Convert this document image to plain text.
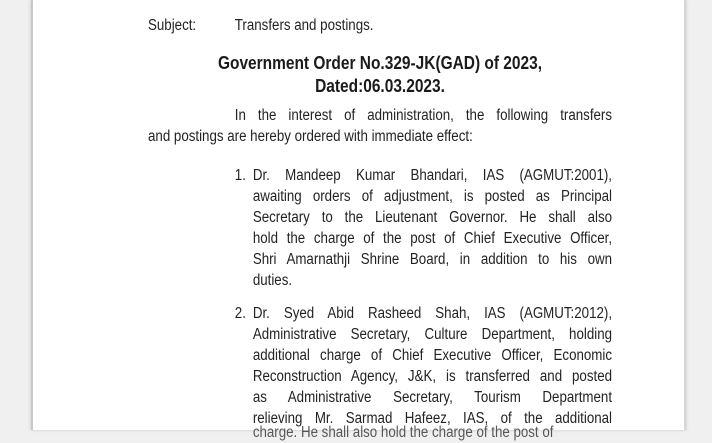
Subject:	Transfers and postings.
Government Order No.329-JK(GAD) of 2023,
Dated:06.03.2023.
In the interest of administration, the following transfers
and postings are hereby ordered with immediate effect:
1. Dr. Mandeep Kumar Bhandari, IAS (AGMUT:2001),
awaiting orders of adjustment, is posted as Principal
Secretary to the Lieutenant Governor. He shall also
hold the charge of the post of Chief Executive Officer,
Shri Amarnathji Shrine Board, in addition to his own
duties.
2. Dr. Syed Abid Rasheed Shah, IAS (AGMUT:2012),
Administrative Secretary, Culture Department, holding
additional charge of Chief Executive Officer, Economic
Reconstruction Agency, J&K, is transferred and posted
as Administrative Secretary, Tourism Department
relieving Mr. Sarmad Hafeez, IAS, of the additional
charge. He shall also hold the charge of the post of
